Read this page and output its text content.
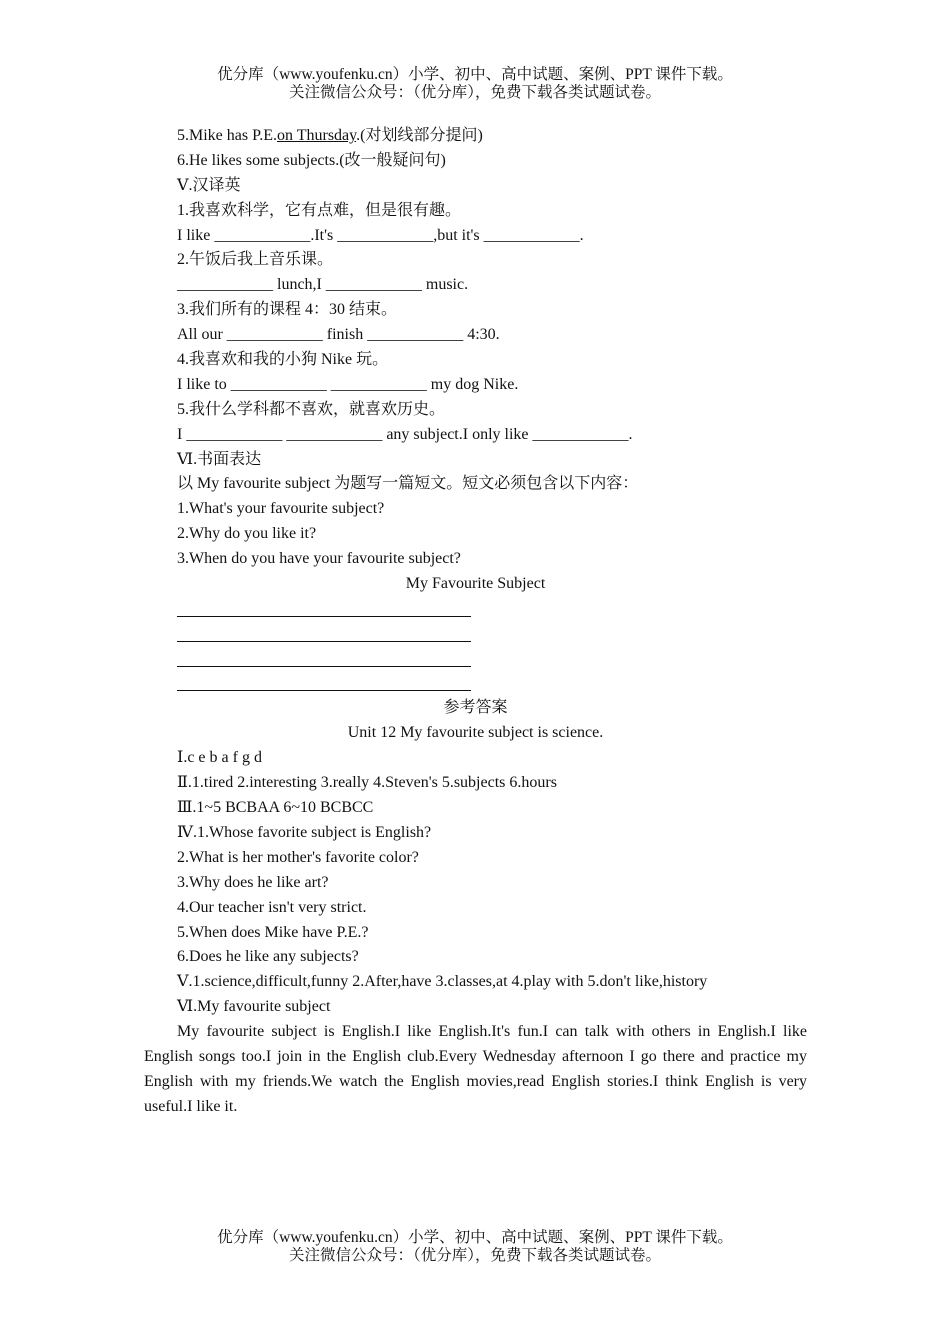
优分库（www.youfenku.cn）小学、初中、高中试题、案例、PPT 课件下载。
关注微信公众号：（优分库），免费下载各类试题试卷。
5.Mike has P.E.on Thursday.(对划线部分提问)
6.He likes some subjects.(改一般疑问句)
Ⅴ.汉译英
1.我喜欢科学，它有点难，但是很有趣。
I like ____________.It's ____________,but it's ____________.
2.午饭后我上音乐课。
____________ lunch,I ____________ music.
3.我们所有的课程 4：30 结束。
All our ____________ finish ____________ 4:30.
4.我喜欢和我的小狗 Nike 玩。
I like to ____________ ____________ my dog Nike.
5.我什么学科都不喜欢，就喜欢历史。
I ____________ ____________ any subject.I only like ____________.
Ⅵ.书面表达
以 My favourite subject 为题写一篇短文。短文必须包含以下内容：
1.What's your favourite subject?
2.Why do you like it?
3.When do you have your favourite subject?
My Favourite Subject
参考答案
Unit 12 My favourite subject is science.
Ⅰ.c e b a f g d
Ⅱ.1.tired 2.interesting 3.really 4.Steven's 5.subjects 6.hours
Ⅲ.1~5 BCBAA 6~10 BCBCC
Ⅳ.1.Whose favorite subject is English?
2.What is her mother's favorite color?
3.Why does he like art?
4.Our teacher isn't very strict.
5.When does Mike have P.E.?
6.Does he like any subjects?
Ⅴ.1.science,difficult,funny 2.After,have 3.classes,at 4.play with 5.don't like,history
Ⅵ.My favourite subject
My favourite subject is English.I like English.It's fun.I can talk with others in English.I like English songs too.I join in the English club.Every Wednesday afternoon I go there and practice my English with my friends.We watch the English movies,read English stories.I think English is very useful.I like it.
优分库（www.youfenku.cn）小学、初中、高中试题、案例、PPT 课件下载。
关注微信公众号：（优分库），免费下载各类试题试卷。
